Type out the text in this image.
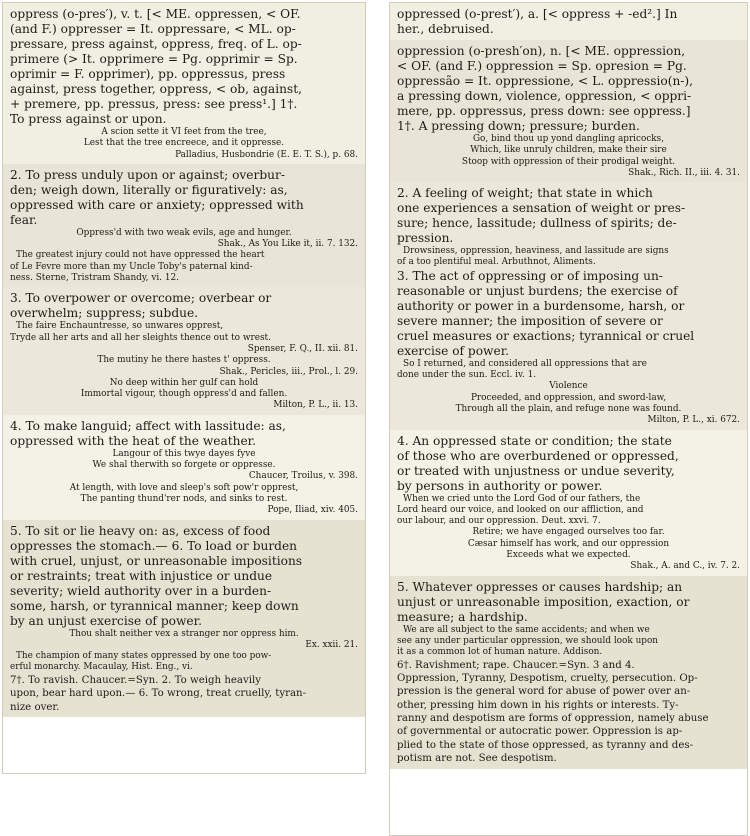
oppress (o-pres′), v. t. [< ME. oppressen, < OF.
(and F.) oppresser = It. oppressare, < ML. op-
pressare, press against, oppress, freq. of L. op-
primere (> It. opprimere = Pg. opprimir = Sp.
oprimir = F. opprimer), pp. oppressus, press
against, press together, oppress, < ob, against,
+ premere, pp. pressus, press: see press¹.] 1†.
To press against or upon.
A scion sette it VI feet from the tree,
Lest that the tree encreece, and it oppresse.
Palladius, Husbondrie (E. E. T. S.), p. 68.
2. To press unduly upon or against; overbur-
den; weigh down, literally or figuratively: as,
oppressed with care or anxiety; oppressed with
fear.
Oppress'd with two weak evils, age and hunger.
Shak., As You Like it, ii. 7. 132.
The greatest injury could not have oppressed the heart
of Le Fevre more than my Uncle Toby's paternal kind-
ness. Sterne, Tristram Shandy, vi. 12.
3. To overpower or overcome; overbear or
overwhelm; suppress; subdue.
The faire Enchauntresse, so unwares opprest,
Tryde all her arts and all her sleights thence out to wrest.
Spenser, F. Q., II. xii. 81.
The mutiny he there hastes t' oppress.
Shak., Pericles, iii., Prol., l. 29.
No deep within her gulf can hold
Immortal vigour, though oppress'd and fallen.
Milton, P. L., ii. 13.
4. To make languid; affect with lassitude: as,
oppressed with the heat of the weather.
Langour of this twye dayes fyve
We shal therwith so forgete or oppresse.
Chaucer, Troilus, v. 398.
At length, with love and sleep's soft pow'r opprest,
The panting thund'rer nods, and sinks to rest.
Pope, Iliad, xiv. 405.
5. To sit or lie heavy on: as, excess of food
oppresses the stomach.— 6. To load or burden
with cruel, unjust, or unreasonable impositions
or restraints; treat with injustice or undue
severity; wield authority over in a burden-
some, harsh, or tyrannical manner; keep down
by an unjust exercise of power.
Thou shalt neither vex a stranger nor oppress him.
Ex. xxii. 21.
The champion of many states oppressed by one too pow-
erful monarchy. Macaulay, Hist. Eng., vi.
7†. To ravish. Chaucer.=Syn. 2. To weigh heavily
upon, bear hard upon.— 6. To wrong, treat cruelly, tyran-
nize over.
oppressed (o-prest′), a. [< oppress + -ed².] In
her., debruised.
oppression (o-presh′on), n. [< ME. oppression,
< OF. (and F.) oppression = Sp. opresion = Pg.
oppressão = It. oppressione, < L. oppressio(n-),
a pressing down, violence, oppression, < oppri-
mere, pp. oppressus, press down: see oppress.]
1†. A pressing down; pressure; burden.
Go, bind thou up yond dangling apricocks,
Which, like unruly children, make their sire
Stoop with oppression of their prodigal weight.
Shak., Rich. II., iii. 4. 31.
2. A feeling of weight; that state in which
one experiences a sensation of weight or pres-
sure; hence, lassitude; dullness of spirits; de-
pression.
Drowsiness, oppression, heaviness, and lassitude are signs
of a too plentiful meal. Arbuthnot, Aliments.
3. The act of oppressing or of imposing un-
reasonable or unjust burdens; the exercise of
authority or power in a burdensome, harsh, or
severe manner; the imposition of severe or
cruel measures or exactions; tyrannical or cruel
exercise of power.
So I returned, and considered all oppressions that are
done under the sun. Eccl. iv. 1.
Violence
Proceeded, and oppression, and sword-law,
Through all the plain, and refuge none was found.
Milton, P. L., xi. 672.
4. An oppressed state or condition; the state
of those who are overburdened or oppressed,
or treated with unjustness or undue severity,
by persons in authority or power.
When we cried unto the Lord God of our fathers, the
Lord heard our voice, and looked on our affliction, and
our labour, and our oppression. Deut. xxvi. 7.
Retire; we have engaged ourselves too far.
Cæsar himself has work, and our oppression
Exceeds what we expected.
Shak., A. and C., iv. 7. 2.
5. Whatever oppresses or causes hardship; an
unjust or unreasonable imposition, exaction, or
measure; a hardship.
We are all subject to the same accidents; and when we
see any under particular oppression, we should look upon
it as a common lot of human nature. Addison.
6†. Ravishment; rape. Chaucer.=Syn. 3 and 4.
Oppression, Tyranny, Despotism, cruelty, persecution. Op-
pression is the general word for abuse of power over an-
other, pressing him down in his rights or interests. Ty-
ranny and despotism are forms of oppression, namely abuse
of governmental or autocratic power. Oppression is ap-
plied to the state of those oppressed, as tyranny and des-
potism are not. See despotism.
